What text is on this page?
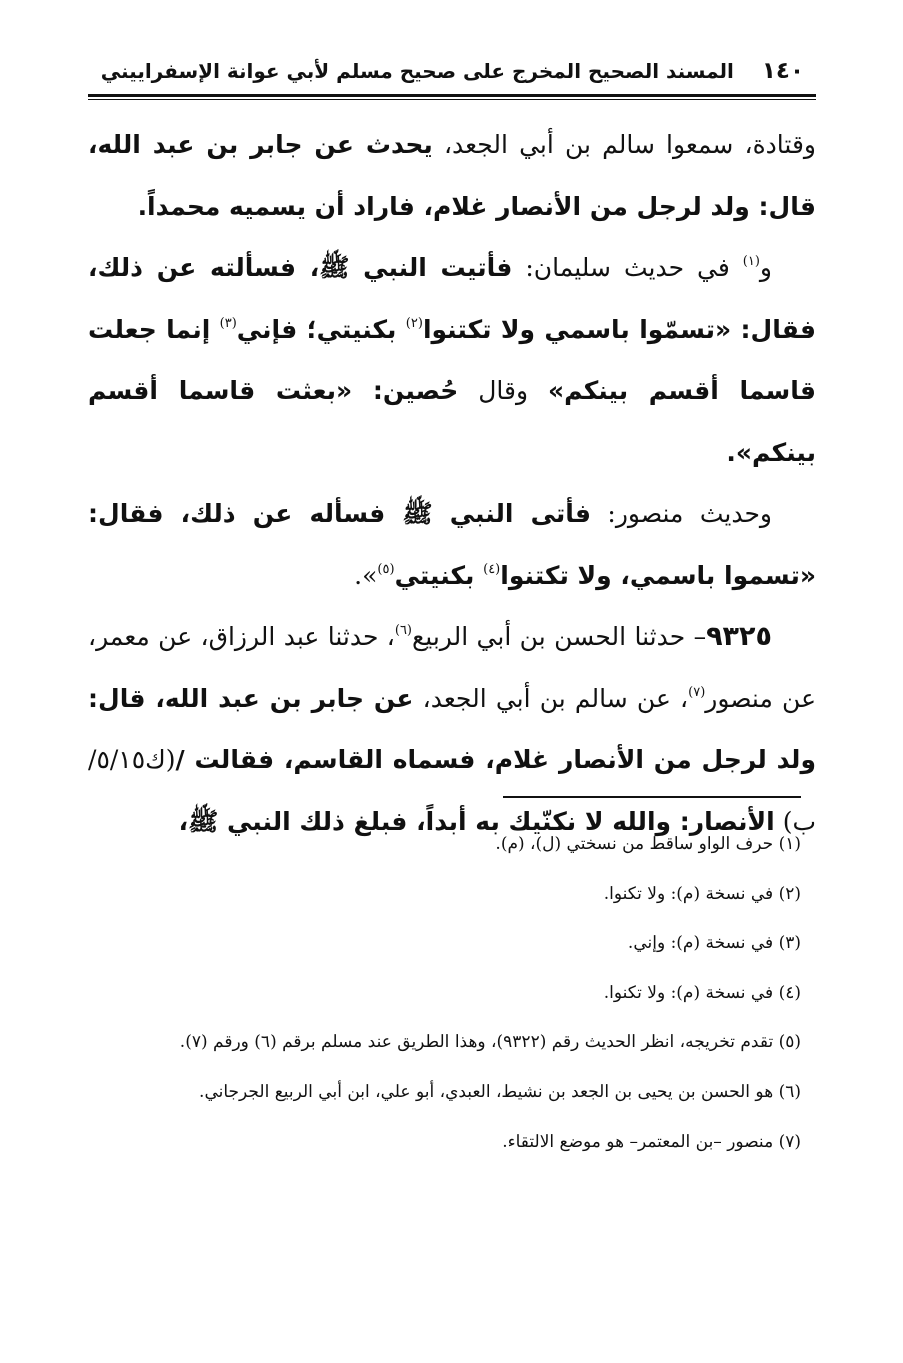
١٤٠
المسند الصحيح المخرج على صحيح مسلم لأبي عوانة الإسفراييني

وقتادة، سمعوا سالم بن أبي الجعد، يحدث عن جابر بن عبد الله، قال: ولد لرجل من الأنصار غلام، فاراد أن يسميه محمداً.

و$^{(١)}$ في حديث سليمان: فأتيت النبي ﷺ، فسألته عن ذلك، فقال: «تسمّوا باسمي ولا تكتنوا$^{(٢)}$ بكنيتي؛ فإني$^{(٣)}$ إنما جعلت قاسما أقسم بينكم» وقال حُصين: «بعثت قاسما أقسم بينكم».

وحديث منصور: فأتى النبي ﷺ فسأله عن ذلك، فقال: «تسموا باسمي، ولا تكتنوا$^{(٤)}$ بكنيتي$^{(٥)}$».

٩٣٢٥– حدثنا الحسن بن أبي الربيع$^{(٦)}$، حدثنا عبد الرزاق، عن معمر، عن منصور$^{(٧)}$، عن سالم بن أبي الجعد، عن جابر بن عبد الله، قال: ولد لرجل من الأنصار غلام، فسماه القاسم، فقالت /(ك٥/١٥/ب) الأنصار: والله لا نكنّيك به أبداً، فبلغ ذلك النبي ﷺ،

(١) حرف الواو ساقط من نسختي (ل)، (م).

(٢) في نسخة (م): ولا تكنوا.

(٣) في نسخة (م): وإني.

(٤) في نسخة (م): ولا تكنوا.

(٥) تقدم تخريجه، انظر الحديث رقم (٩٣٢٢)، وهذا الطريق عند مسلم برقم (٦) ورقم (٧).

(٦) هو الحسن بن يحيى بن الجعد بن نشيط، العبدي، أبو علي، ابن أبي الربيع الجرجاني.

(٧) منصور –بن المعتمر– هو موضع الالتقاء.
